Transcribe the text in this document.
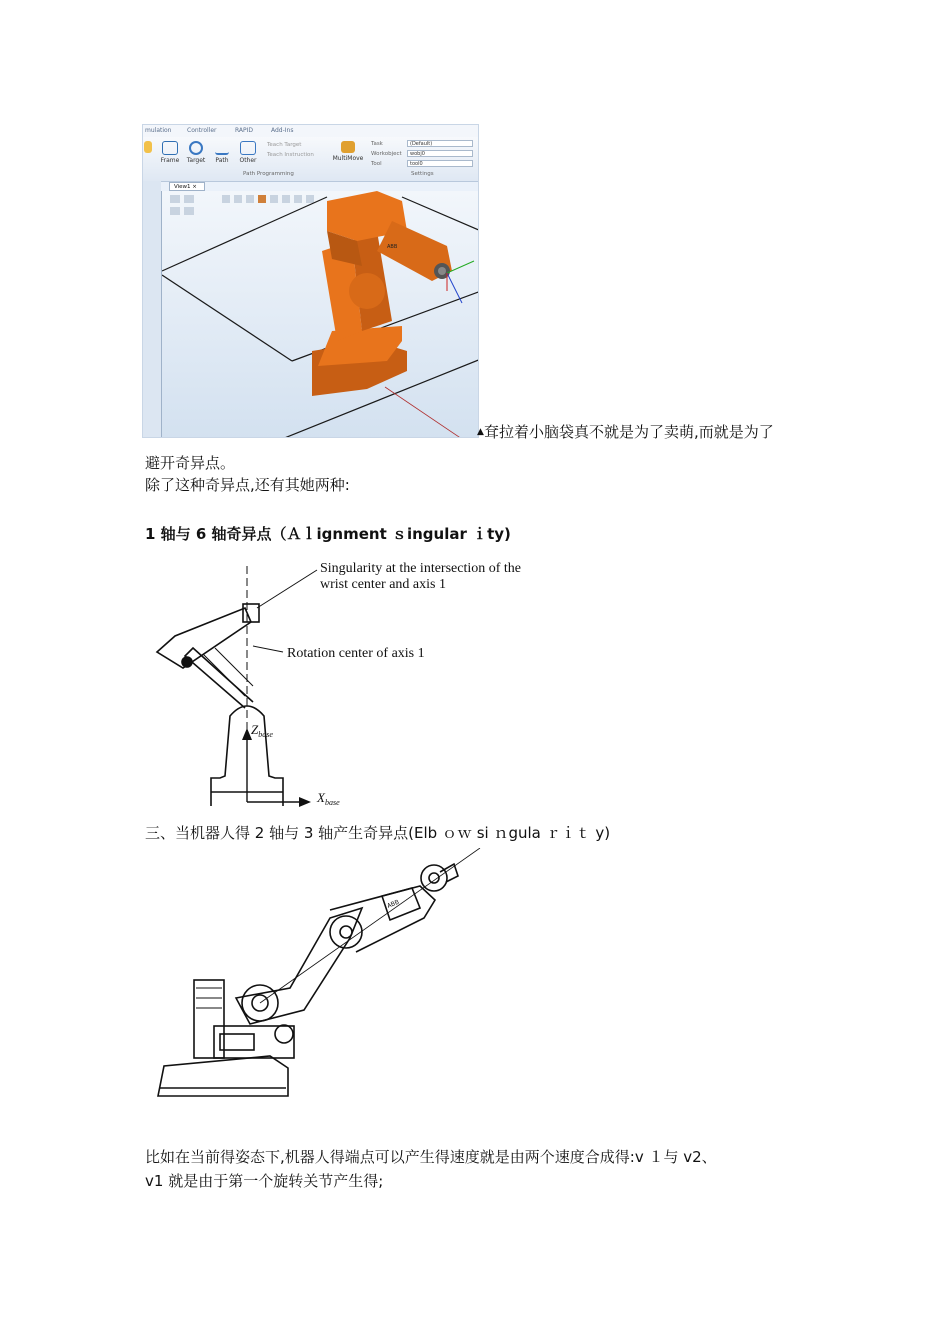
mulation	Controller	RAPID	Add-Ins
Frame	Target	Path	Other
Teach Target
Teach Instruction	MultiMove
Path Programming
Task	(Default)
Workobject	wobj0
Tool	tool0
Settings
View1 ×
ABB
▲ 耷拉着小脑袋真不就是为了卖萌,而就是为了
避开奇异点。
除了这种奇异点,还有其她两种:
1 轴与 6 轴奇异点（Ａｌignment ｓingular ｉty)
Singularity at the intersection of the
wrist center and axis 1
Rotation center of axis 1
$Z_{base}$
$X_{base}$
三、当机器人得 2 轴与 3 轴产生奇异点(Elb ｏｗ si ｎgula ｒｉｔ y)
ABB
比如在当前得姿态下,机器人得端点可以产生得速度就是由两个速度合成得:v １与 v2、
v1 就是由于第一个旋转关节产生得;
